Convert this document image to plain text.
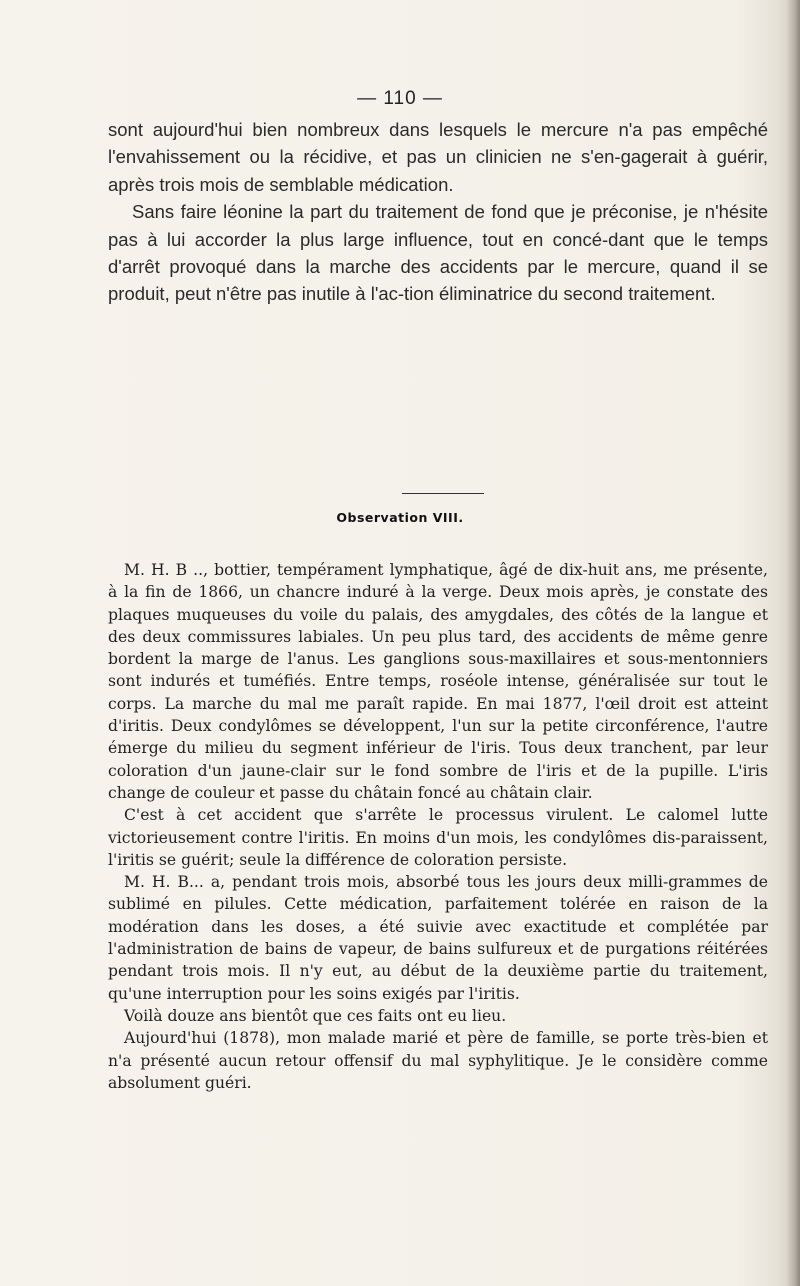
— 110 —

sont aujourd'hui bien nombreux dans lesquels le mercure n'a pas empêché l'envahissement ou la récidive, et pas un clinicien ne s'en-gagerait à guérir, après trois mois de semblable médication.

Sans faire léonine la part du traitement de fond que je préconise, je n'hésite pas à lui accorder la plus large influence, tout en concé-dant que le temps d'arrêt provoqué dans la marche des accidents par le mercure, quand il se produit, peut n'être pas inutile à l'ac-tion éliminatrice du second traitement.

Observation VIII.

M. H. B .., bottier, tempérament lymphatique, âgé de dix-huit ans, me présente, à la fin de 1866, un chancre induré à la verge. Deux mois après, je constate des plaques muqueuses du voile du palais, des amygdales, des côtés de la langue et des deux commissures labiales. Un peu plus tard, des accidents de même genre bordent la marge de l'anus. Les ganglions sous-maxillaires et sous-mentonniers sont indurés et tuméfiés. Entre temps, roséole intense, généralisée sur tout le corps. La marche du mal me paraît rapide. En mai 1877, l'œil droit est atteint d'iritis. Deux condylômes se développent, l'un sur la petite circonférence, l'autre émerge du milieu du segment inférieur de l'iris. Tous deux tranchent, par leur coloration d'un jaune-clair sur le fond sombre de l'iris et de la pupille. L'iris change de couleur et passe du châtain foncé au châtain clair.

C'est à cet accident que s'arrête le processus virulent. Le calomel lutte victorieusement contre l'iritis. En moins d'un mois, les condylômes dis-paraissent, l'iritis se guérit; seule la différence de coloration persiste.

M. H. B... a, pendant trois mois, absorbé tous les jours deux milli-grammes de sublimé en pilules. Cette médication, parfaitement tolérée en raison de la modération dans les doses, a été suivie avec exactitude et complétée par l'administration de bains de vapeur, de bains sulfureux et de purgations réitérées pendant trois mois. Il n'y eut, au début de la deuxième partie du traitement, qu'une interruption pour les soins exigés par l'iritis.

Voilà douze ans bientôt que ces faits ont eu lieu.

Aujourd'hui (1878), mon malade marié et père de famille, se porte très-bien et n'a présenté aucun retour offensif du mal syphylitique. Je le considère comme absolument guéri.
